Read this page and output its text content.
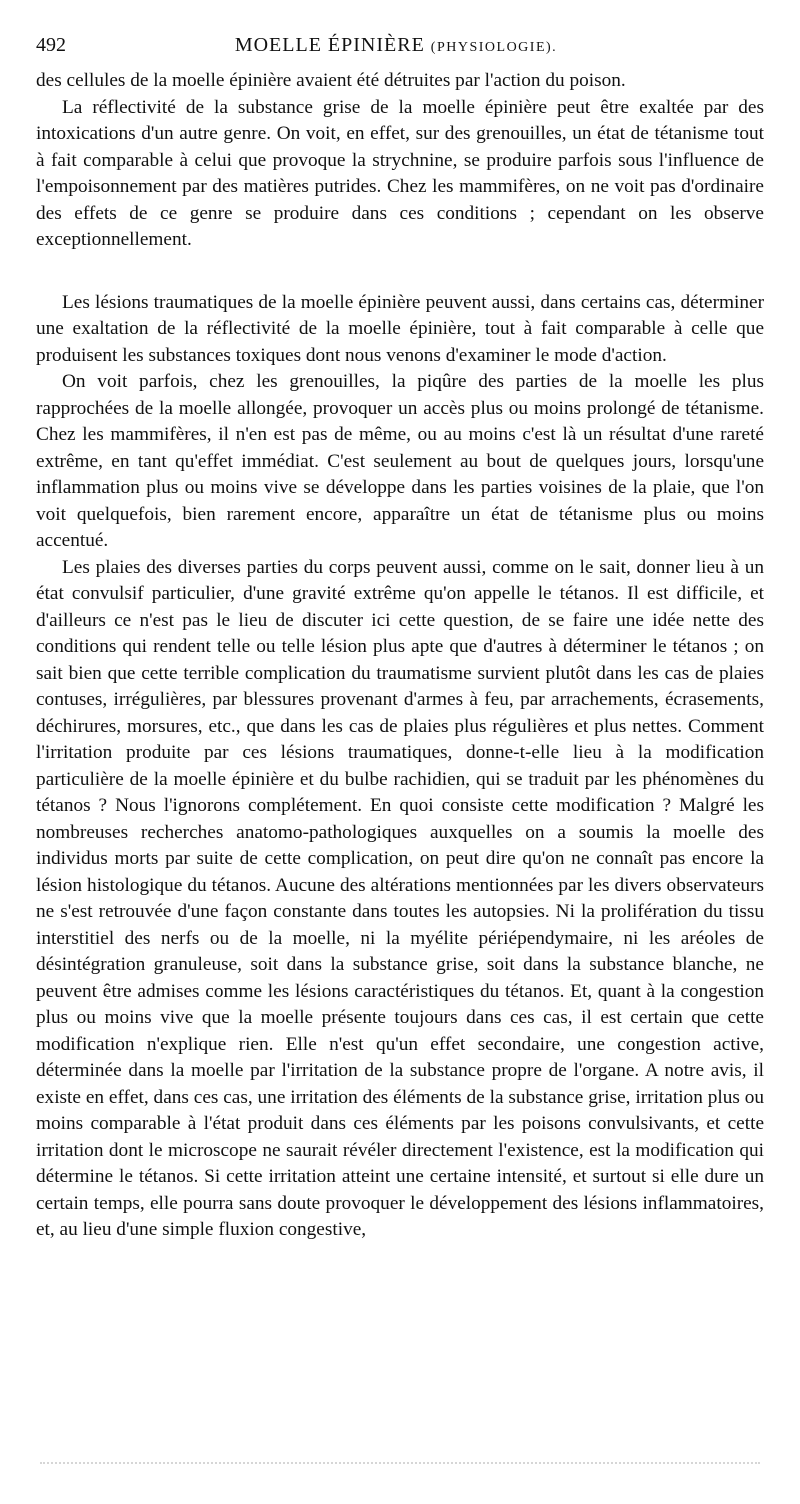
492	MOELLE ÉPINIÈRE (PHYSIOLOGIE).

des cellules de la moelle épinière avaient été détruites par l'action du poison.

La réflectivité de la substance grise de la moelle épinière peut être exaltée par des intoxications d'un autre genre. On voit, en effet, sur des grenouilles, un état de tétanisme tout à fait comparable à celui que provoque la strychnine, se produire parfois sous l'influence de l'empoisonnement par des matières putrides. Chez les mammifères, on ne voit pas d'ordinaire des effets de ce genre se produire dans ces conditions ; cependant on les observe exceptionnellement.

Les lésions traumatiques de la moelle épinière peuvent aussi, dans certains cas, déterminer une exaltation de la réflectivité de la moelle épinière, tout à fait comparable à celle que produisent les substances toxiques dont nous venons d'examiner le mode d'action.

On voit parfois, chez les grenouilles, la piqûre des parties de la moelle les plus rapprochées de la moelle allongée, provoquer un accès plus ou moins prolongé de tétanisme. Chez les mammifères, il n'en est pas de même, ou au moins c'est là un résultat d'une rareté extrême, en tant qu'effet immédiat. C'est seulement au bout de quelques jours, lorsqu'une inflammation plus ou moins vive se développe dans les parties voisines de la plaie, que l'on voit quelquefois, bien rarement encore, apparaître un état de tétanisme plus ou moins accentué.

Les plaies des diverses parties du corps peuvent aussi, comme on le sait, donner lieu à un état convulsif particulier, d'une gravité extrême qu'on appelle le tétanos. Il est difficile, et d'ailleurs ce n'est pas le lieu de discuter ici cette question, de se faire une idée nette des conditions qui rendent telle ou telle lésion plus apte que d'autres à déterminer le tétanos ; on sait bien que cette terrible complication du traumatisme survient plutôt dans les cas de plaies contuses, irrégulières, par blessures provenant d'armes à feu, par arrachements, écrasements, déchirures, morsures, etc., que dans les cas de plaies plus régulières et plus nettes. Comment l'irritation produite par ces lésions traumatiques, donne-t-elle lieu à la modification particulière de la moelle épinière et du bulbe rachidien, qui se traduit par les phénomènes du tétanos ? Nous l'ignorons complétement. En quoi consiste cette modification ? Malgré les nombreuses recherches anatomo-pathologiques auxquelles on a soumis la moelle des individus morts par suite de cette complication, on peut dire qu'on ne connaît pas encore la lésion histologique du tétanos. Aucune des altérations mentionnées par les divers observateurs ne s'est retrouvée d'une façon constante dans toutes les autopsies. Ni la prolifération du tissu interstitiel des nerfs ou de la moelle, ni la myélite périépendymaire, ni les aréoles de désintégration granuleuse, soit dans la substance grise, soit dans la substance blanche, ne peuvent être admises comme les lésions caractéristiques du tétanos. Et, quant à la congestion plus ou moins vive que la moelle présente toujours dans ces cas, il est certain que cette modification n'explique rien. Elle n'est qu'un effet secondaire, une congestion active, déterminée dans la moelle par l'irritation de la substance propre de l'organe. A notre avis, il existe en effet, dans ces cas, une irritation des éléments de la substance grise, irritation plus ou moins comparable à l'état produit dans ces éléments par les poisons convulsivants, et cette irritation dont le microscope ne saurait révéler directement l'existence, est la modification qui détermine le tétanos. Si cette irritation atteint une certaine intensité, et surtout si elle dure un certain temps, elle pourra sans doute provoquer le développement des lésions inflammatoires, et, au lieu d'une simple fluxion congestive,
